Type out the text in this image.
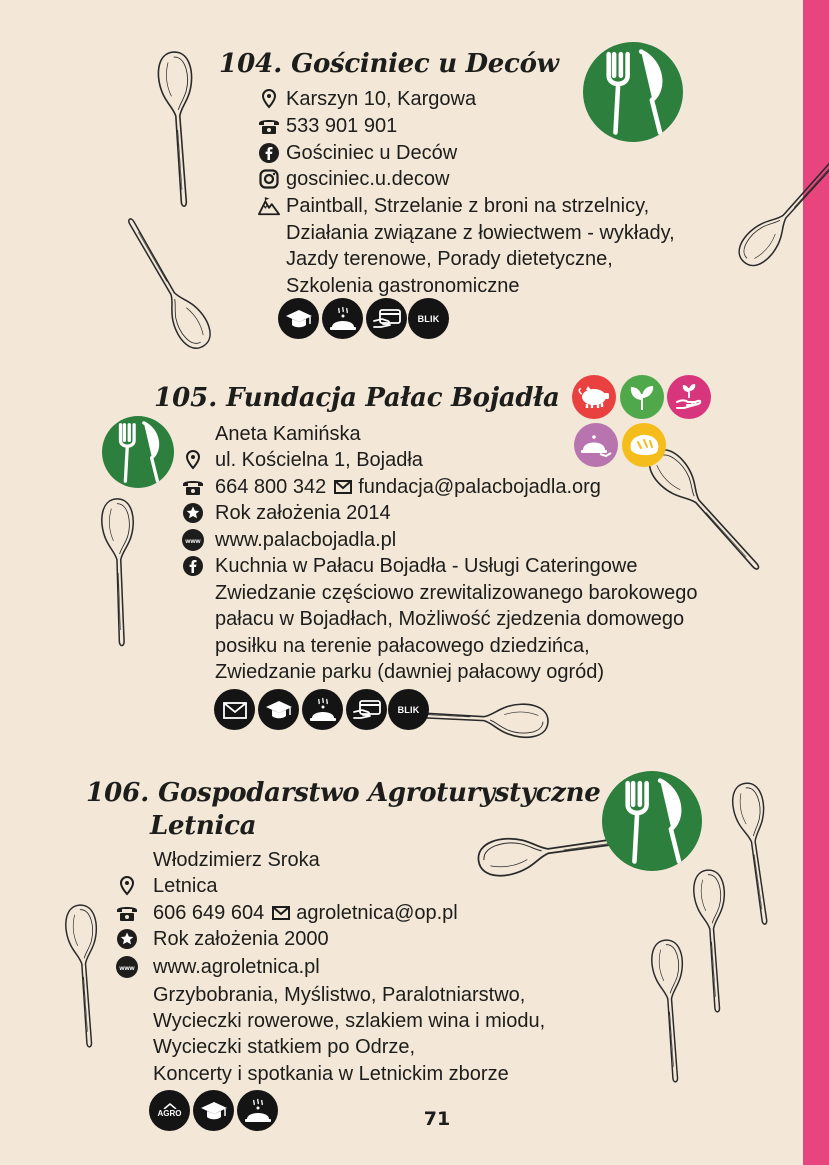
104. Gościniec u Deców
Karszyn 10, Kargowa
533 901 901
Gościniec u Deców
gosciniec.u.decow
Paintball, Strzelanie z broni na strzelnicy,
Działania związane z łowiectwem - wykłady,
Jazdy terenowe, Porady dietetyczne,
Szkolenia gastronomiczne
BLIK
105. Fundacja Pałac Bojadła
Aneta Kamińska
ul. Kościelna 1, Bojadła
664 800 342 fundacja@palacbojadla.org
Rok założenia 2014
www www.palacbojadla.pl
Kuchnia w Pałacu Bojadła - Usługi Cateringowe
Zwiedzanie częściowo zrewitalizowanego barokowego
pałacu w Bojadłach, Możliwość zjedzenia domowego
posiłku na terenie pałacowego dziedzińca,
Zwiedzanie parku (dawniej pałacowy ogród)
BLIK
106. Gospodarstwo Agroturystyczne
Letnica
Włodzimierz Sroka
Letnica
606 649 604 agroletnica@op.pl
Rok założenia 2000
www www.agroletnica.pl
Grzybobrania, Myślistwo, Paralotniarstwo,
Wycieczki rowerowe, szlakiem wina i miodu,
Wycieczki statkiem po Odrze,
Koncerty i spotkania w Letnickim zborze
AGRO	71
